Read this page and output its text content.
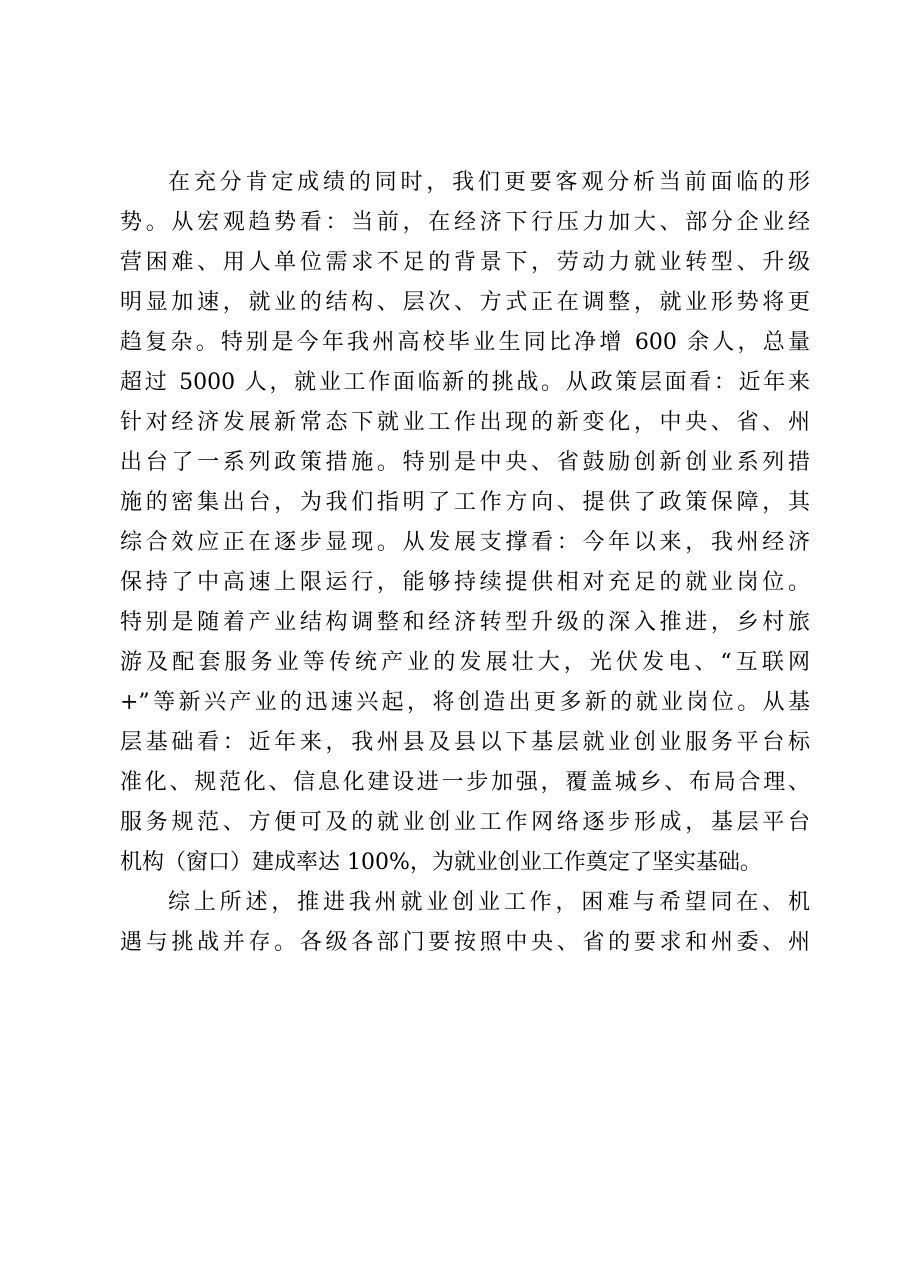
在充分肯定成绩的同时，我们更要客观分析当前面临的形
势。从宏观趋势看：当前，在经济下行压力加大、部分企业经
营困难、用人单位需求不足的背景下，劳动力就业转型、升级
明显加速，就业的结构、层次、方式正在调整，就业形势将更
趋复杂。特别是今年我州高校毕业生同比净增 600 余人，总量
超过 5000 人，就业工作面临新的挑战。从政策层面看：近年来
针对经济发展新常态下就业工作出现的新变化，中央、省、州
出台了一系列政策措施。特别是中央、省鼓励创新创业系列措
施的密集出台，为我们指明了工作方向、提供了政策保障，其
综合效应正在逐步显现。从发展支撑看：今年以来，我州经济
保持了中高速上限运行，能够持续提供相对充足的就业岗位。
特别是随着产业结构调整和经济转型升级的深入推进，乡村旅
游及配套服务业等传统产业的发展壮大，光伏发电、“互联网
+”等新兴产业的迅速兴起，将创造出更多新的就业岗位。从基
层基础看：近年来，我州县及县以下基层就业创业服务平台标
准化、规范化、信息化建设进一步加强，覆盖城乡、布局合理、
服务规范、方便可及的就业创业工作网络逐步形成，基层平台
机构（窗口）建成率达 100%，为就业创业工作奠定了坚实基础。
综上所述，推进我州就业创业工作，困难与希望同在、机
遇与挑战并存。各级各部门要按照中央、省的要求和州委、州
